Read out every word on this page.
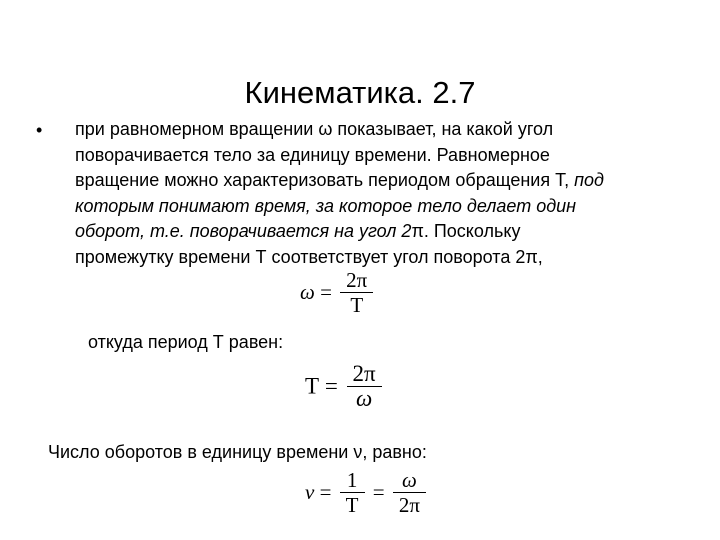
Кинематика. 2.7
• при равномерном вращении ω показывает, на какой угол
поворачивается тело за единицу времени. Равномерное
вращение можно характеризовать периодом обращения Т, под
которым понимают время, за которое тело делает один
оборот, т.е. поворачивается на угол 2π. Поскольку
промежутку времени Т соответствует угол поворота 2π,
$\omega = \frac{2\pi}{T}$
откуда период Т равен:
$T = \frac{2\pi}{\omega}$
Число оборотов в единицу времени ν, равно:
$\nu = \frac{1}{T} = \frac{\omega}{2\pi}$
